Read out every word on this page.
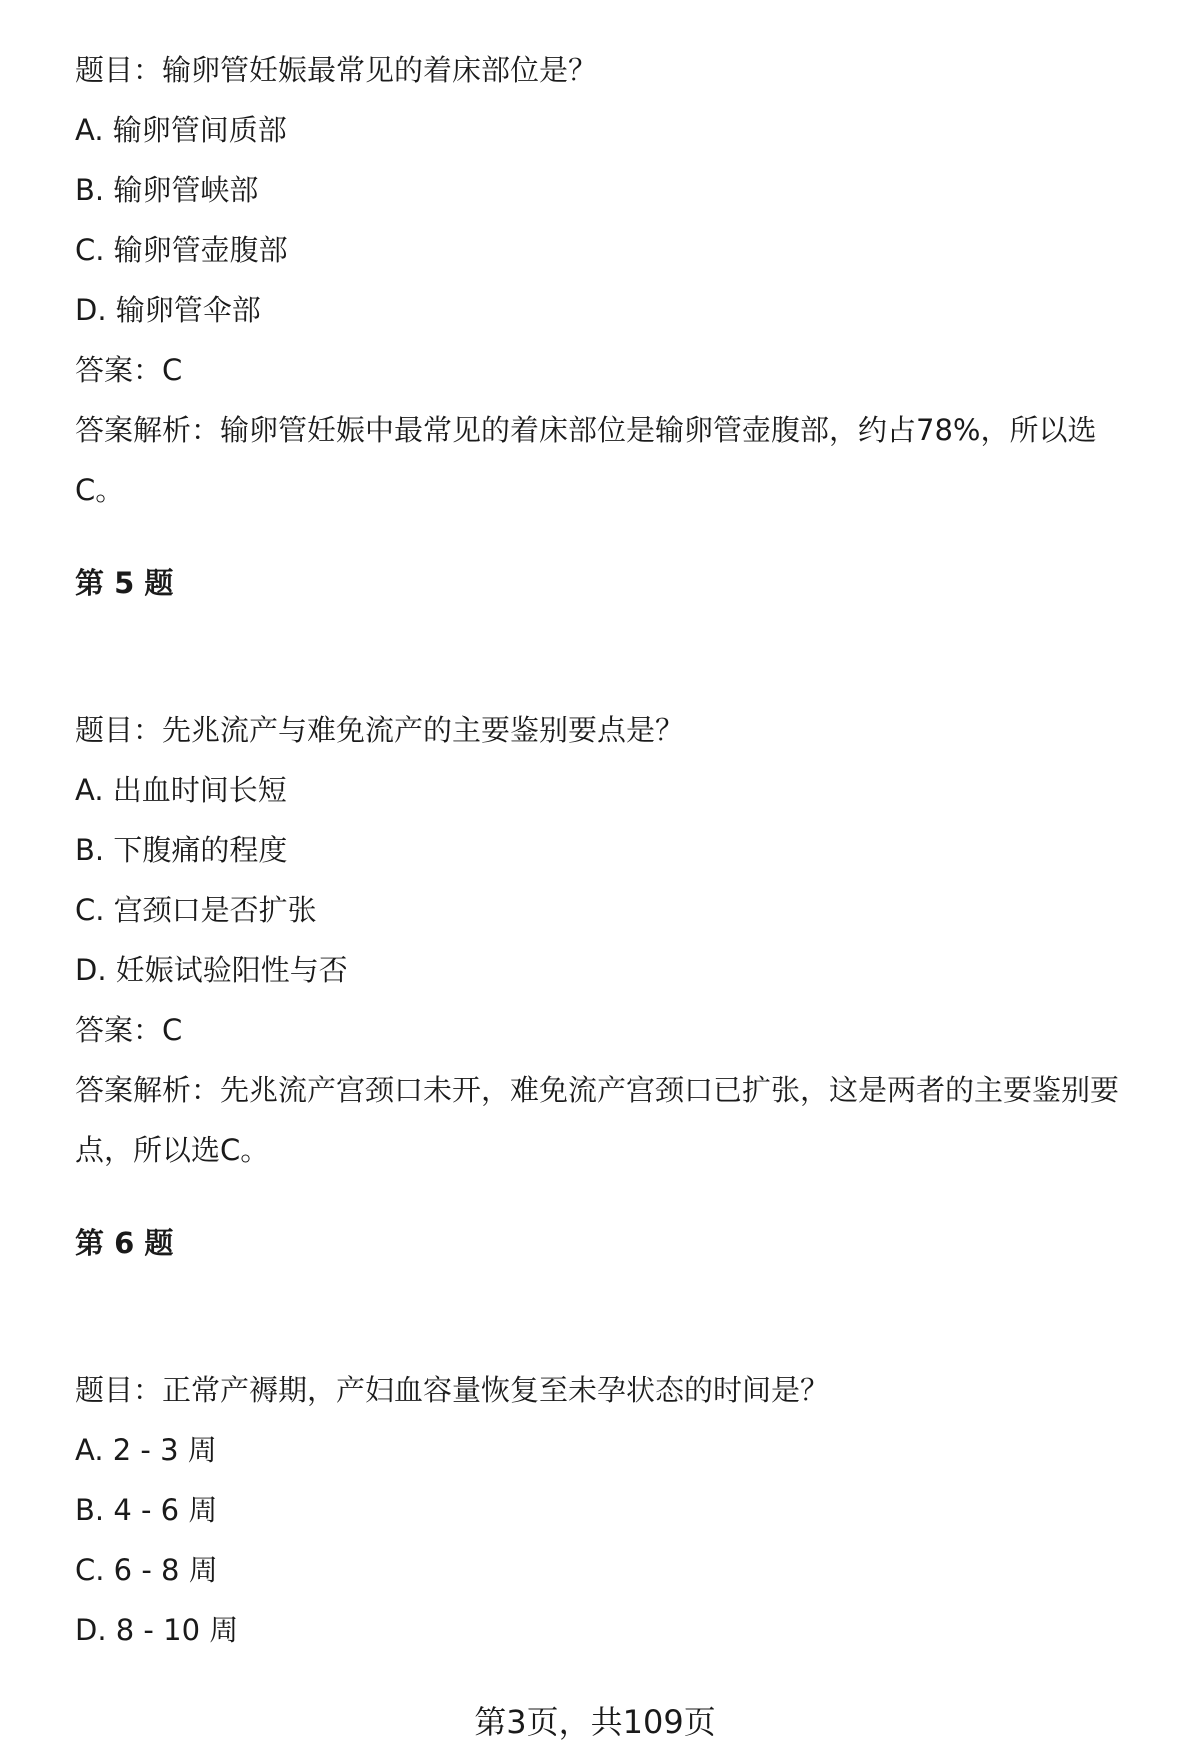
题目：输卵管妊娠最常见的着床部位是？
A. 输卵管间质部
B. 输卵管峡部
C. 输卵管壶腹部
D. 输卵管伞部
答案：C
答案解析：输卵管妊娠中最常见的着床部位是输卵管壶腹部，约占78%，所以选
C。
第 5 题
题目：先兆流产与难免流产的主要鉴别要点是？
A. 出血时间长短
B. 下腹痛的程度
C. 宫颈口是否扩张
D. 妊娠试验阳性与否
答案：C
答案解析：先兆流产宫颈口未开，难免流产宫颈口已扩张，这是两者的主要鉴别要
点，所以选C。
第 6 题
题目：正常产褥期，产妇血容量恢复至未孕状态的时间是？
A. 2 - 3 周
B. 4 - 6 周
C. 6 - 8 周
D. 8 - 10 周
第3页，共109页
